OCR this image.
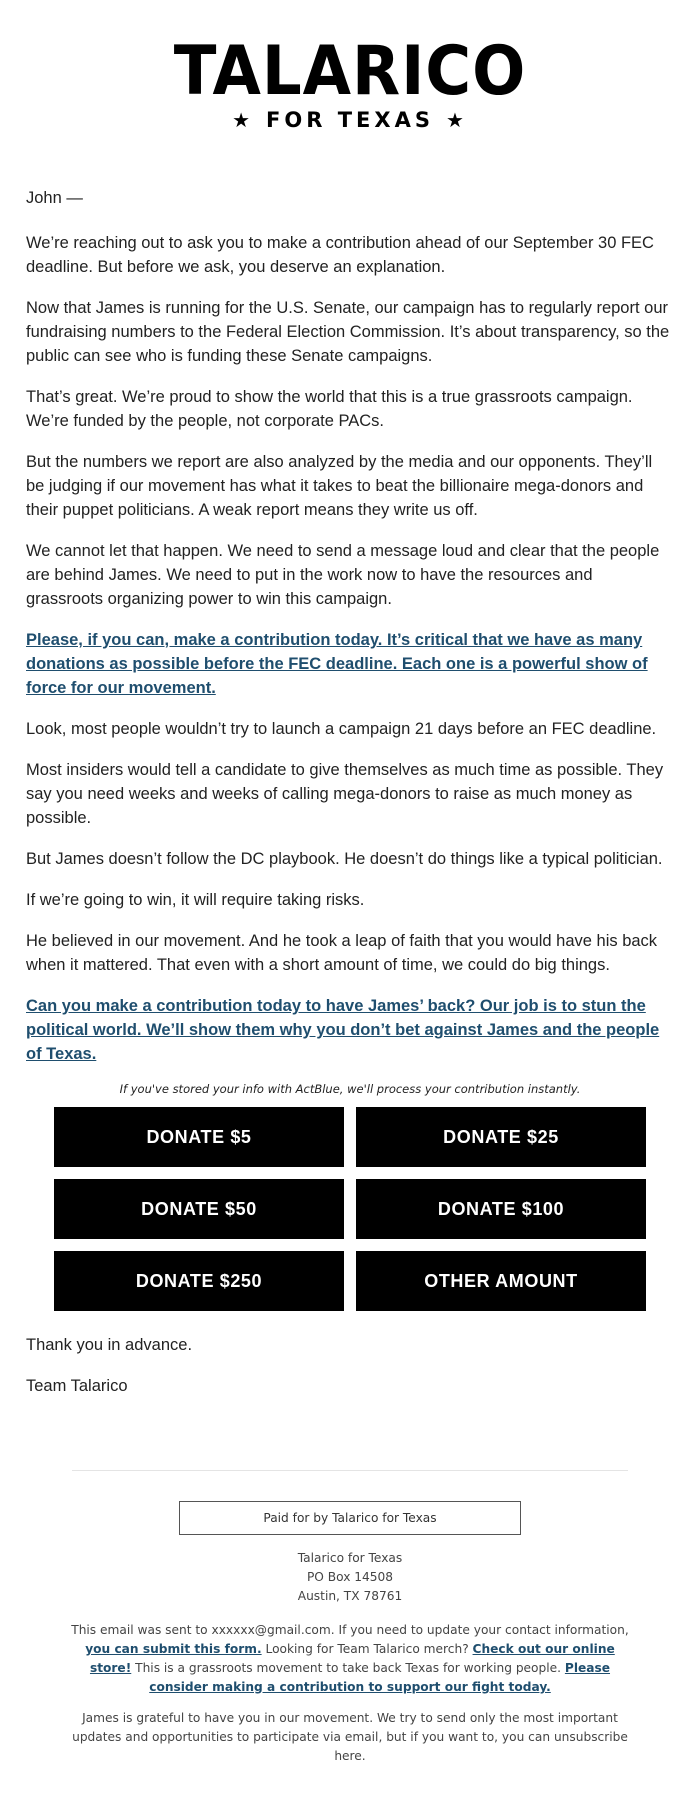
TALARICO
★ FOR TEXAS ★

John —

We’re reaching out to ask you to make a contribution ahead of our September 30 FEC deadline. But before we ask, you deserve an explanation.

Now that James is running for the U.S. Senate, our campaign has to regularly report our fundraising numbers to the Federal Election Commission. It’s about transparency, so the public can see who is funding these Senate campaigns.

That’s great. We’re proud to show the world that this is a true grassroots campaign. We’re funded by the people, not corporate PACs.

But the numbers we report are also analyzed by the media and our opponents. They’ll be judging if our movement has what it takes to beat the billionaire mega-donors and their puppet politicians. A weak report means they write us off.

We cannot let that happen. We need to send a message loud and clear that the people are behind James. We need to put in the work now to have the resources and grassroots organizing power to win this campaign.

Please, if you can, make a contribution today. It’s critical that we have as many donations as possible before the FEC deadline. Each one is a powerful show of force for our movement.

Look, most people wouldn’t try to launch a campaign 21 days before an FEC deadline.

Most insiders would tell a candidate to give themselves as much time as possible. They say you need weeks and weeks of calling mega-donors to raise as much money as possible.

But James doesn’t follow the DC playbook. He doesn’t do things like a typical politician.

If we’re going to win, it will require taking risks.

He believed in our movement. And he took a leap of faith that you would have his back when it mattered. That even with a short amount of time, we could do big things.

Can you make a contribution today to have James’ back? Our job is to stun the political world. We’ll show them why you don’t bet against James and the people of Texas.

If you've stored your info with ActBlue, we'll process your contribution instantly.
DONATE $5	DONATE $25
DONATE $50	DONATE $100
DONATE $250	OTHER AMOUNT

Thank you in advance.

Team Talarico

Paid for by Talarico for Texas
Talarico for Texas
PO Box 14508
Austin, TX 78761
This email was sent to xxxxxx@gmail.com. If you need to update your contact information, you can submit this form. Looking for Team Talarico merch? Check out our online store! This is a grassroots movement to take back Texas for working people. Please consider making a contribution to support our fight today.
James is grateful to have you in our movement. We try to send only the most important updates and opportunities to participate via email, but if you want to, you can unsubscribe here.
